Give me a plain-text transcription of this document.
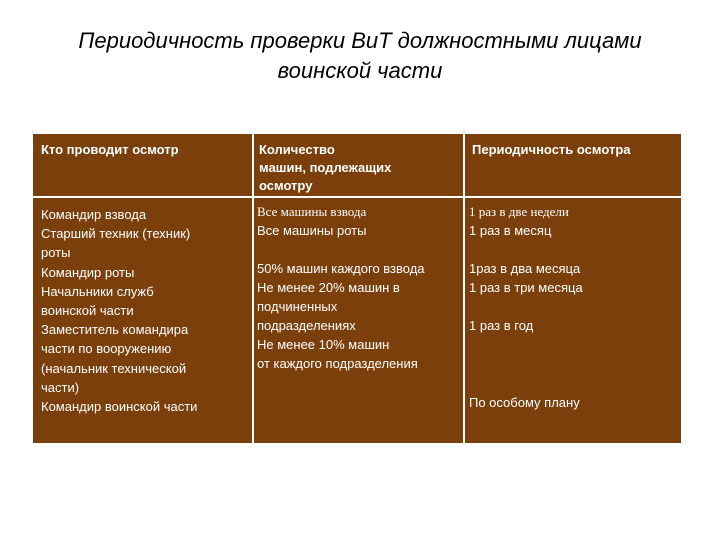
Периодичность проверки ВиТ должностными лицами
воинской части
Кто проводит осмотр	Количество
машин, подлежащих
осмотру
Периодичность осмотра
Командир взвода
Старший техник (техник)
роты
Командир роты
Начальники служб
воинской части
Заместитель командира
части по вооружению
(начальник технической
части)
Командир воинской части
Все машины взвода
Все машины роты
50% машин каждого взвода
Не менее 20% машин в
подчиненных
подразделениях
Не менее 10% машин
от каждого подразделения
1 раз в две недели
1 раз в месяц
1раз в два месяца
1 раз в три месяца
1 раз в год
По особому плану
